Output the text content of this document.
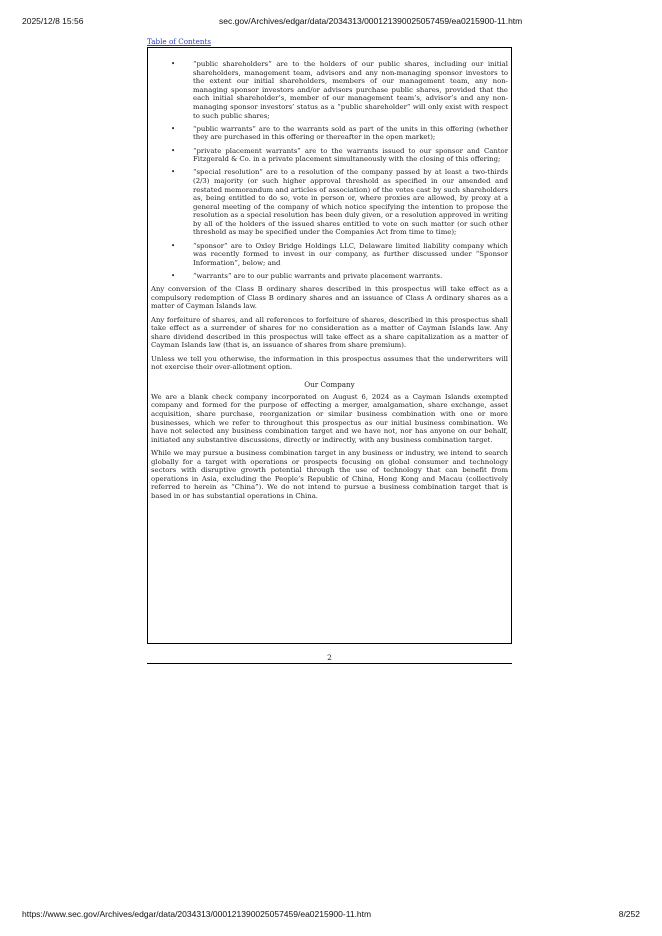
2025/12/8 15:56	sec.gov/Archives/edgar/data/2034313/000121390025057459/ea0215900-11.htm
Table of Contents
•	“public shareholders” are to the holders of our public shares, including our initial shareholders, management team, advisors and any non-managing sponsor investors to the extent our initial shareholders, members of our management team, any non-managing sponsor investors and/or advisors purchase public shares, provided that the each initial shareholder’s, member of our management team’s, advisor’s and any non-managing sponsor investors’ status as a “public shareholder” will only exist with respect to such public shares;
•	“public warrants” are to the warrants sold as part of the units in this offering (whether they are purchased in this offering or thereafter in the open market);
•	“private placement warrants” are to the warrants issued to our sponsor and Cantor Fitzgerald & Co. in a private placement simultaneously with the closing of this offering;
•	“special resolution” are to a resolution of the company passed by at least a two-thirds (2/3) majority (or such higher approval threshold as specified in our amended and restated memorandum and articles of association) of the votes cast by such shareholders as, being entitled to do so, vote in person or, where proxies are allowed, by proxy at a general meeting of the company of which notice specifying the intention to propose the resolution as a special resolution has been duly given, or a resolution approved in writing by all of the holders of the issued shares entitled to vote on such matter (or such other threshold as may be specified under the Companies Act from time to time);
•	“sponsor” are to Oxley Bridge Holdings LLC, Delaware limited liability company which was recently formed to invest in our company, as further discussed under “Sponsor Information”, below; and
•	“warrants” are to our public warrants and private placement warrants.

Any conversion of the Class B ordinary shares described in this prospectus will take effect as a compulsory redemption of Class B ordinary shares and an issuance of Class A ordinary shares as a matter of Cayman Islands law.

Any forfeiture of shares, and all references to forfeiture of shares, described in this prospectus shall take effect as a surrender of shares for no consideration as a matter of Cayman Islands law. Any share dividend described in this prospectus will take effect as a share capitalization as a matter of Cayman Islands law (that is, an issuance of shares from share premium).

Unless we tell you otherwise, the information in this prospectus assumes that the underwriters will not exercise their over-allotment option.

Our Company

We are a blank check company incorporated on August 6, 2024 as a Cayman Islands exempted company and formed for the purpose of effecting a merger, amalgamation, share exchange, asset acquisition, share purchase, reorganization or similar business combination with one or more businesses, which we refer to throughout this prospectus as our initial business combination. We have not selected any business combination target and we have not, nor has anyone on our behalf, initiated any substantive discussions, directly or indirectly, with any business combination target.

While we may pursue a business combination target in any business or industry, we intend to search globally for a target with operations or prospects focusing on global consumer and technology sectors with disruptive growth potential through the use of technology that can benefit from operations in Asia, excluding the People’s Republic of China, Hong Kong and Macau (collectively referred to herein as “China”). We do not intend to pursue a business combination target that is based in or has substantial operations in China.

2
https://www.sec.gov/Archives/edgar/data/2034313/000121390025057459/ea0215900-11.htm	8/252
